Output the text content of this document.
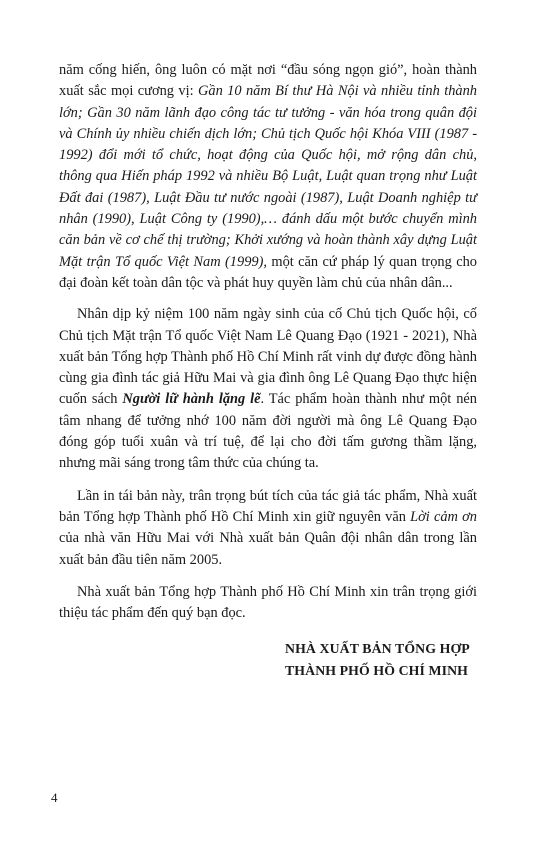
năm cống hiến, ông luôn có mặt nơi “đầu sóng ngọn gió”, hoàn thành xuất sắc mọi cương vị: Gần 10 năm Bí thư Hà Nội và nhiều tỉnh thành lớn; Gần 30 năm lãnh đạo công tác tư tưởng - văn hóa trong quân đội và Chính ủy nhiều chiến dịch lớn; Chủ tịch Quốc hội Khóa VIII (1987 - 1992) đổi mới tổ chức, hoạt động của Quốc hội, mở rộng dân chủ, thông qua Hiến pháp 1992 và nhiều Bộ Luật, Luật quan trọng như Luật Đất đai (1987), Luật Đầu tư nước ngoài (1987), Luật Doanh nghiệp tư nhân (1990), Luật Công ty (1990),… đánh dấu một bước chuyển mình căn bản về cơ chế thị trường; Khởi xướng và hoàn thành xây dựng Luật Mặt trận Tổ quốc Việt Nam (1999), một căn cứ pháp lý quan trọng cho đại đoàn kết toàn dân tộc và phát huy quyền làm chủ của nhân dân...

Nhân dịp kỷ niệm 100 năm ngày sinh của cố Chủ tịch Quốc hội, cố Chủ tịch Mặt trận Tổ quốc Việt Nam Lê Quang Đạo (1921 - 2021), Nhà xuất bản Tổng hợp Thành phố Hồ Chí Minh rất vinh dự được đồng hành cùng gia đình tác giả Hữu Mai và gia đình ông Lê Quang Đạo thực hiện cuốn sách Người lữ hành lặng lẽ. Tác phẩm hoàn thành như một nén tâm nhang để tưởng nhớ 100 năm đời người mà ông Lê Quang Đạo đóng góp tuổi xuân và trí tuệ, để lại cho đời tấm gương thầm lặng, nhưng mãi sáng trong tâm thức của chúng ta.

Lần in tái bản này, trân trọng bút tích của tác giả tác phẩm, Nhà xuất bản Tổng hợp Thành phố Hồ Chí Minh xin giữ nguyên văn Lời cảm ơn của nhà văn Hữu Mai với Nhà xuất bản Quân đội nhân dân trong lần xuất bản đầu tiên năm 2005.

Nhà xuất bản Tổng hợp Thành phố Hồ Chí Minh xin trân trọng giới thiệu tác phẩm đến quý bạn đọc.

NHÀ XUẤT BẢN TỔNG HỢP
THÀNH PHỐ HỒ CHÍ MINH
4
